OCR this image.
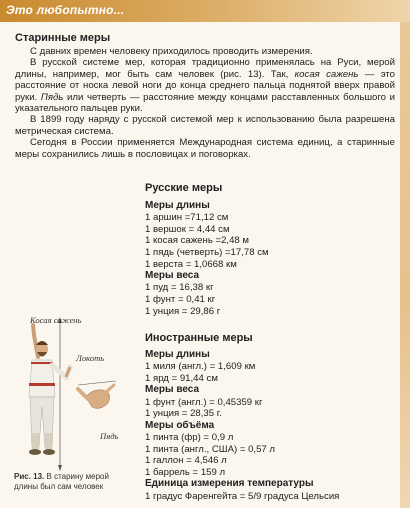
Это любопытно...
Старинные меры

С давних времен человеку приходилось проводить измерения.

В русской системе мер, которая традиционно применялась на Руси, мерой длины, например, мог быть сам человек (рис. 13). Так, косая сажень — это расстояние от носка левой ноги до конца среднего пальца поднятой вверх правой руки. Пядь или четверть — расстояние между концами расставленных большого и указательного пальцев руки.

В 1899 году наряду с русской системой мер к использованию была разрешена метрическая система.

Сегодня в России применяется Международная система единиц, а старинные меры сохранились лишь в пословицах и поговорках.

Русские меры
Меры длины
1 аршин =71,12 см
1 вершок = 4,44 см
1 косая сажень =2,48 м
1 пядь (четверть) =17,78 см
1 верста = 1,0668 км
Меры веса
1 пуд = 16,38 кг
1 фунт = 0,41 кг
1 унция = 29,86 г
Иностранные меры
Меры длины
1 миля (англ.) = 1,609 км
1 ярд = 91,44 см
Меры веса
1 фунт (англ.) = 0,45359 кг
1 унция = 28,35 г.
Меры объёма
1 пинта (фр) = 0,9 л
1 пинта (англ., США) = 0,57 л
1 галлон = 4,546 л
1 баррель = 159 л
Единица измерения температуры
1 градус Фаренгейта = 5/9 градуса Цельсия
Косая сажень
Локоть
Пядь
Рис. 13. В старину мерой длины был сам человек
